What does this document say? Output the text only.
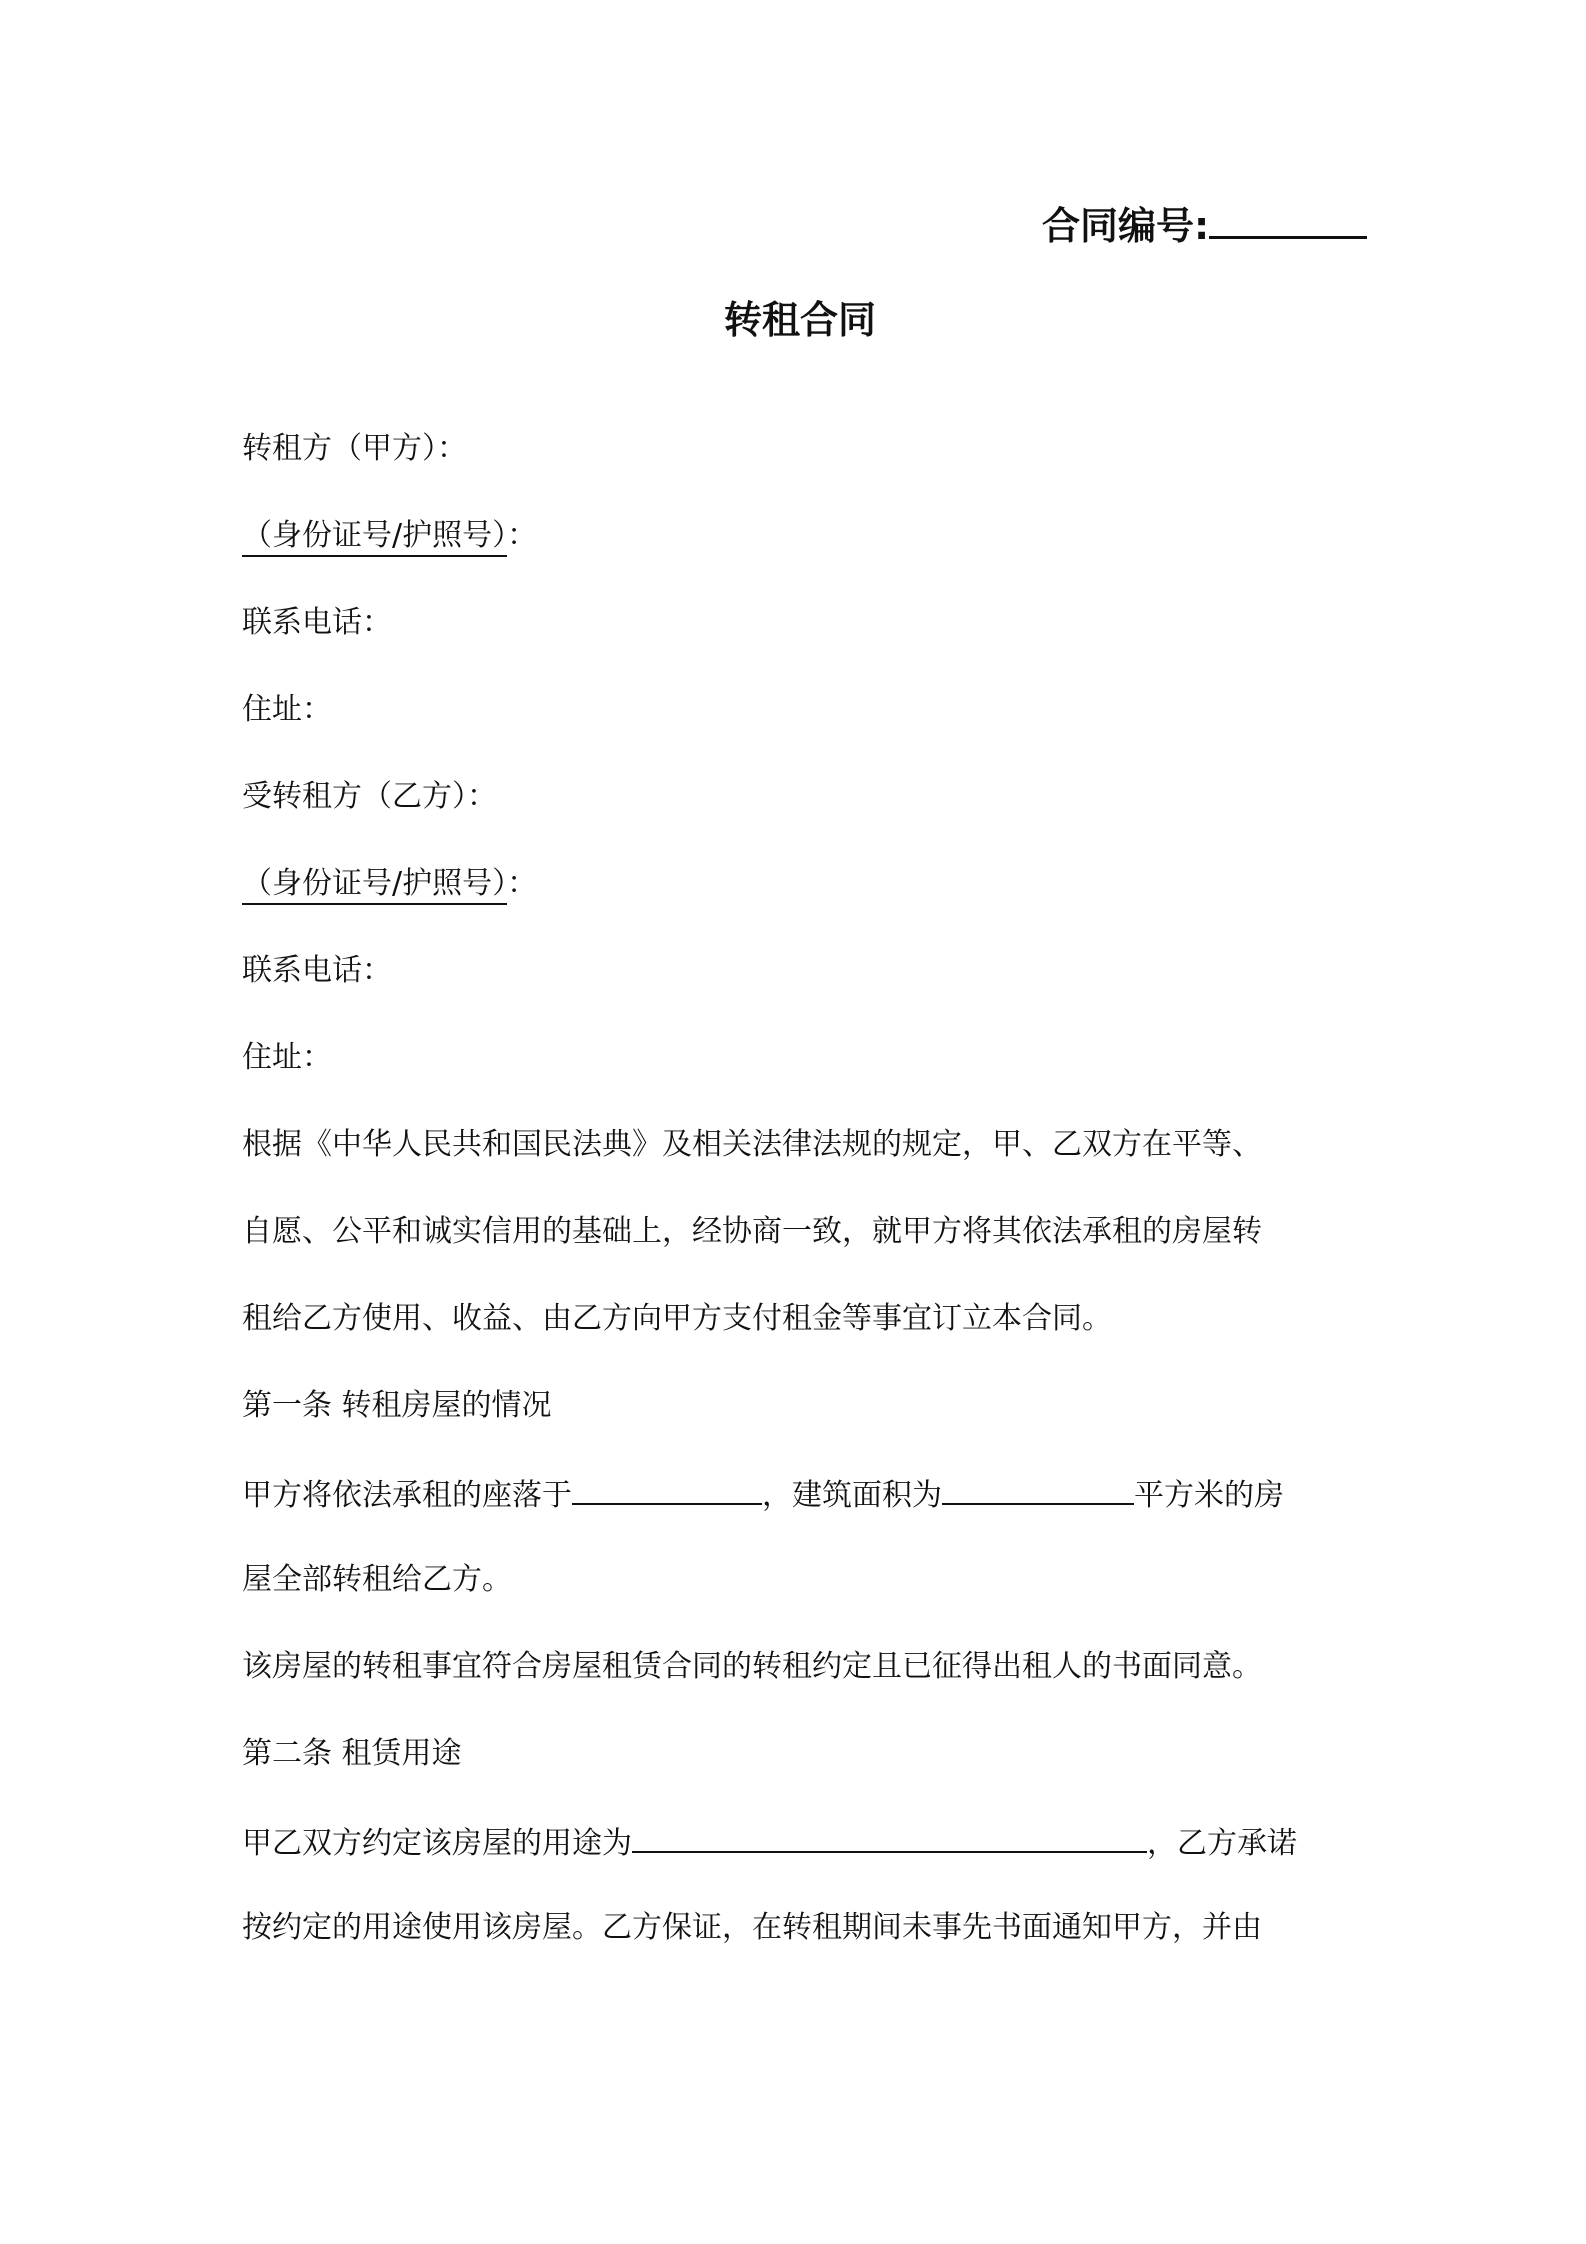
合同编号:
转租合同

转租方（甲方）：

（身份证号/护照号）：

联系电话：

住址：

受转租方（乙方）：

（身份证号/护照号）：

联系电话：

住址：

根据《中华人民共和国民法典》及相关法律法规的规定，甲、乙双方在平等、

自愿、公平和诚实信用的基础上，经协商一致，就甲方将其依法承租的房屋转

租给乙方使用、收益、由乙方向甲方支付租金等事宜订立本合同。

第一条 转租房屋的情况

甲方将依法承租的座落于	，建筑面积为	平方米的房

屋全部转租给乙方。

该房屋的转租事宜符合房屋租赁合同的转租约定且已征得出租人的书面同意。

第二条 租赁用途

甲乙双方约定该房屋的用途为	，乙方承诺

按约定的用途使用该房屋。乙方保证，在转租期间未事先书面通知甲方，并由
